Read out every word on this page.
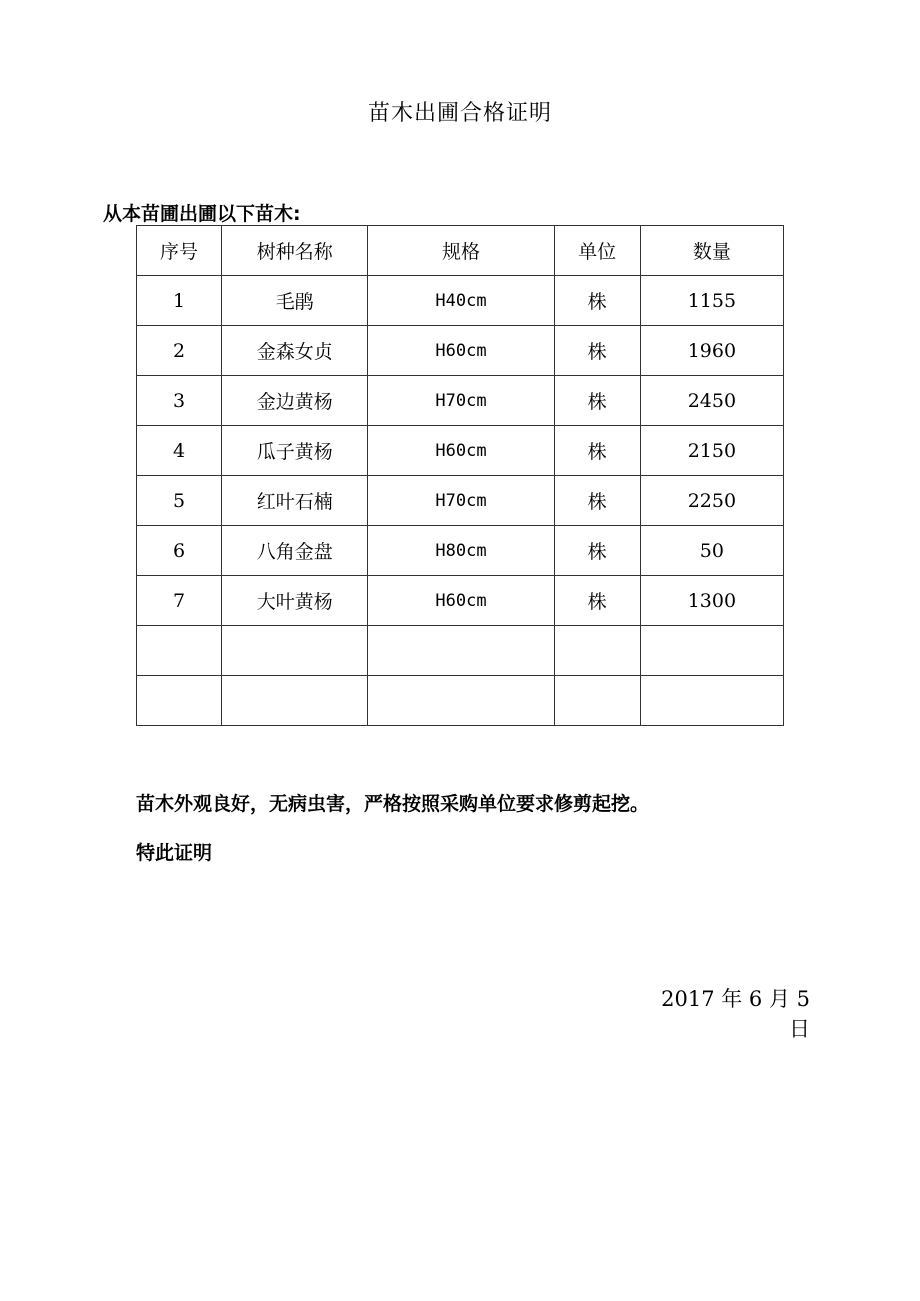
苗木出圃合格证明
从本苗圃出圃以下苗木:
序号	树种名称	规格	单位	数量
1	毛鹃	H40cm	株	1155
2	金森女贞	H60cm	株	1960
3	金边黄杨	H70cm	株	2450
4	瓜子黄杨	H60cm	株	2150
5	红叶石楠	H70cm	株	2250
6	八角金盘	H80cm	株	50
7	大叶黄杨	H60cm	株	1300

苗木外观良好，无病虫害，严格按照采购单位要求修剪起挖。
特此证明
2017 年 6 月 5 日
